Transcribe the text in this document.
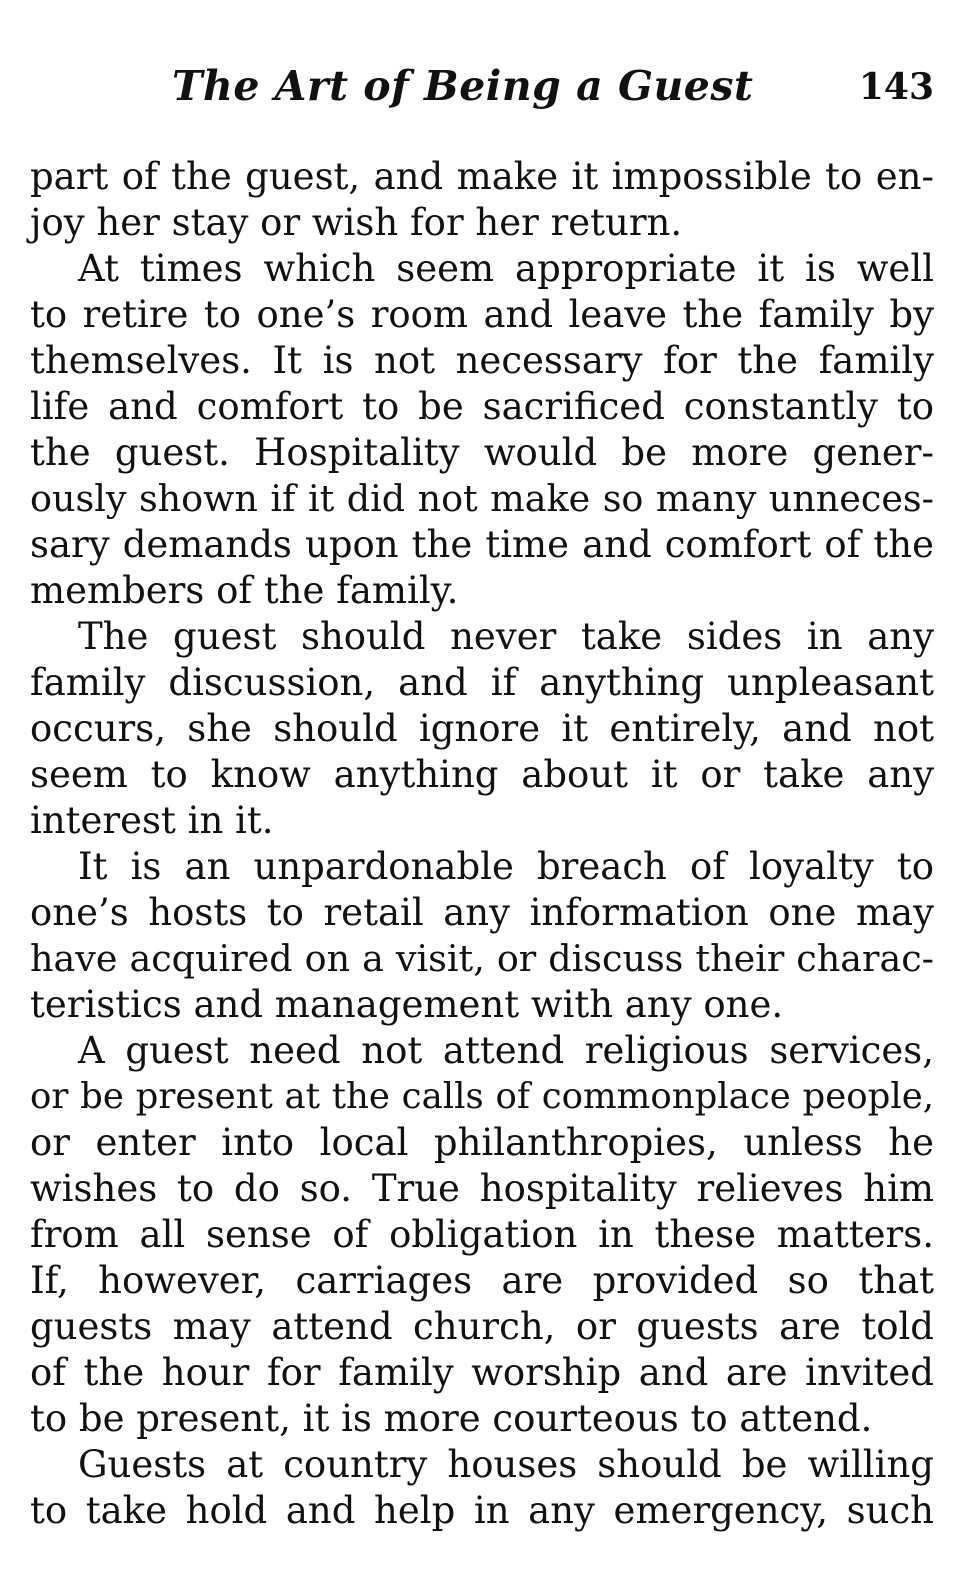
The Art of Being a Guest	143
part of the guest, and make it impossible to en-
joy her stay or wish for her return.
At times which seem appropriate it is well
to retire to one’s room and leave the family by
themselves. It is not necessary for the family
life and comfort to be sacrificed constantly to
the guest. Hospitality would be more gener-
ously shown if it did not make so many unneces-
sary demands upon the time and comfort of the
members of the family.
The guest should never take sides in any
family discussion, and if anything unpleasant
occurs, she should ignore it entirely, and not
seem to know anything about it or take any
interest in it.
It is an unpardonable breach of loyalty to
one’s hosts to retail any information one may
have acquired on a visit, or discuss their charac-
teristics and management with any one.
A guest need not attend religious services,
or be present at the calls of commonplace people,
or enter into local philanthropies, unless he
wishes to do so. True hospitality relieves him
from all sense of obligation in these matters.
If, however, carriages are provided so that
guests may attend church, or guests are told
of the hour for family worship and are invited
to be present, it is more courteous to attend.
Guests at country houses should be willing
to take hold and help in any emergency, such
